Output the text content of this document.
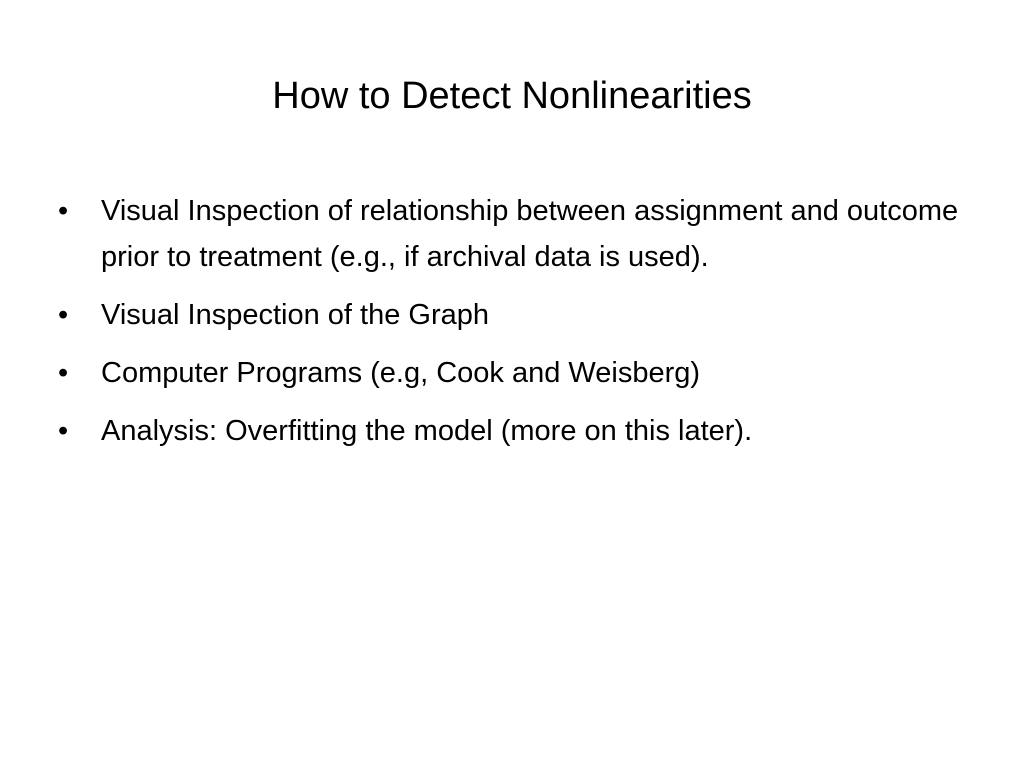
How to Detect Nonlinearities
•	Visual Inspection of relationship between assignment and outcome prior to treatment (e.g., if archival data is used).
•	Visual Inspection of the Graph
•	Computer Programs (e.g, Cook and Weisberg)
•	Analysis: Overfitting the model (more on this later).
